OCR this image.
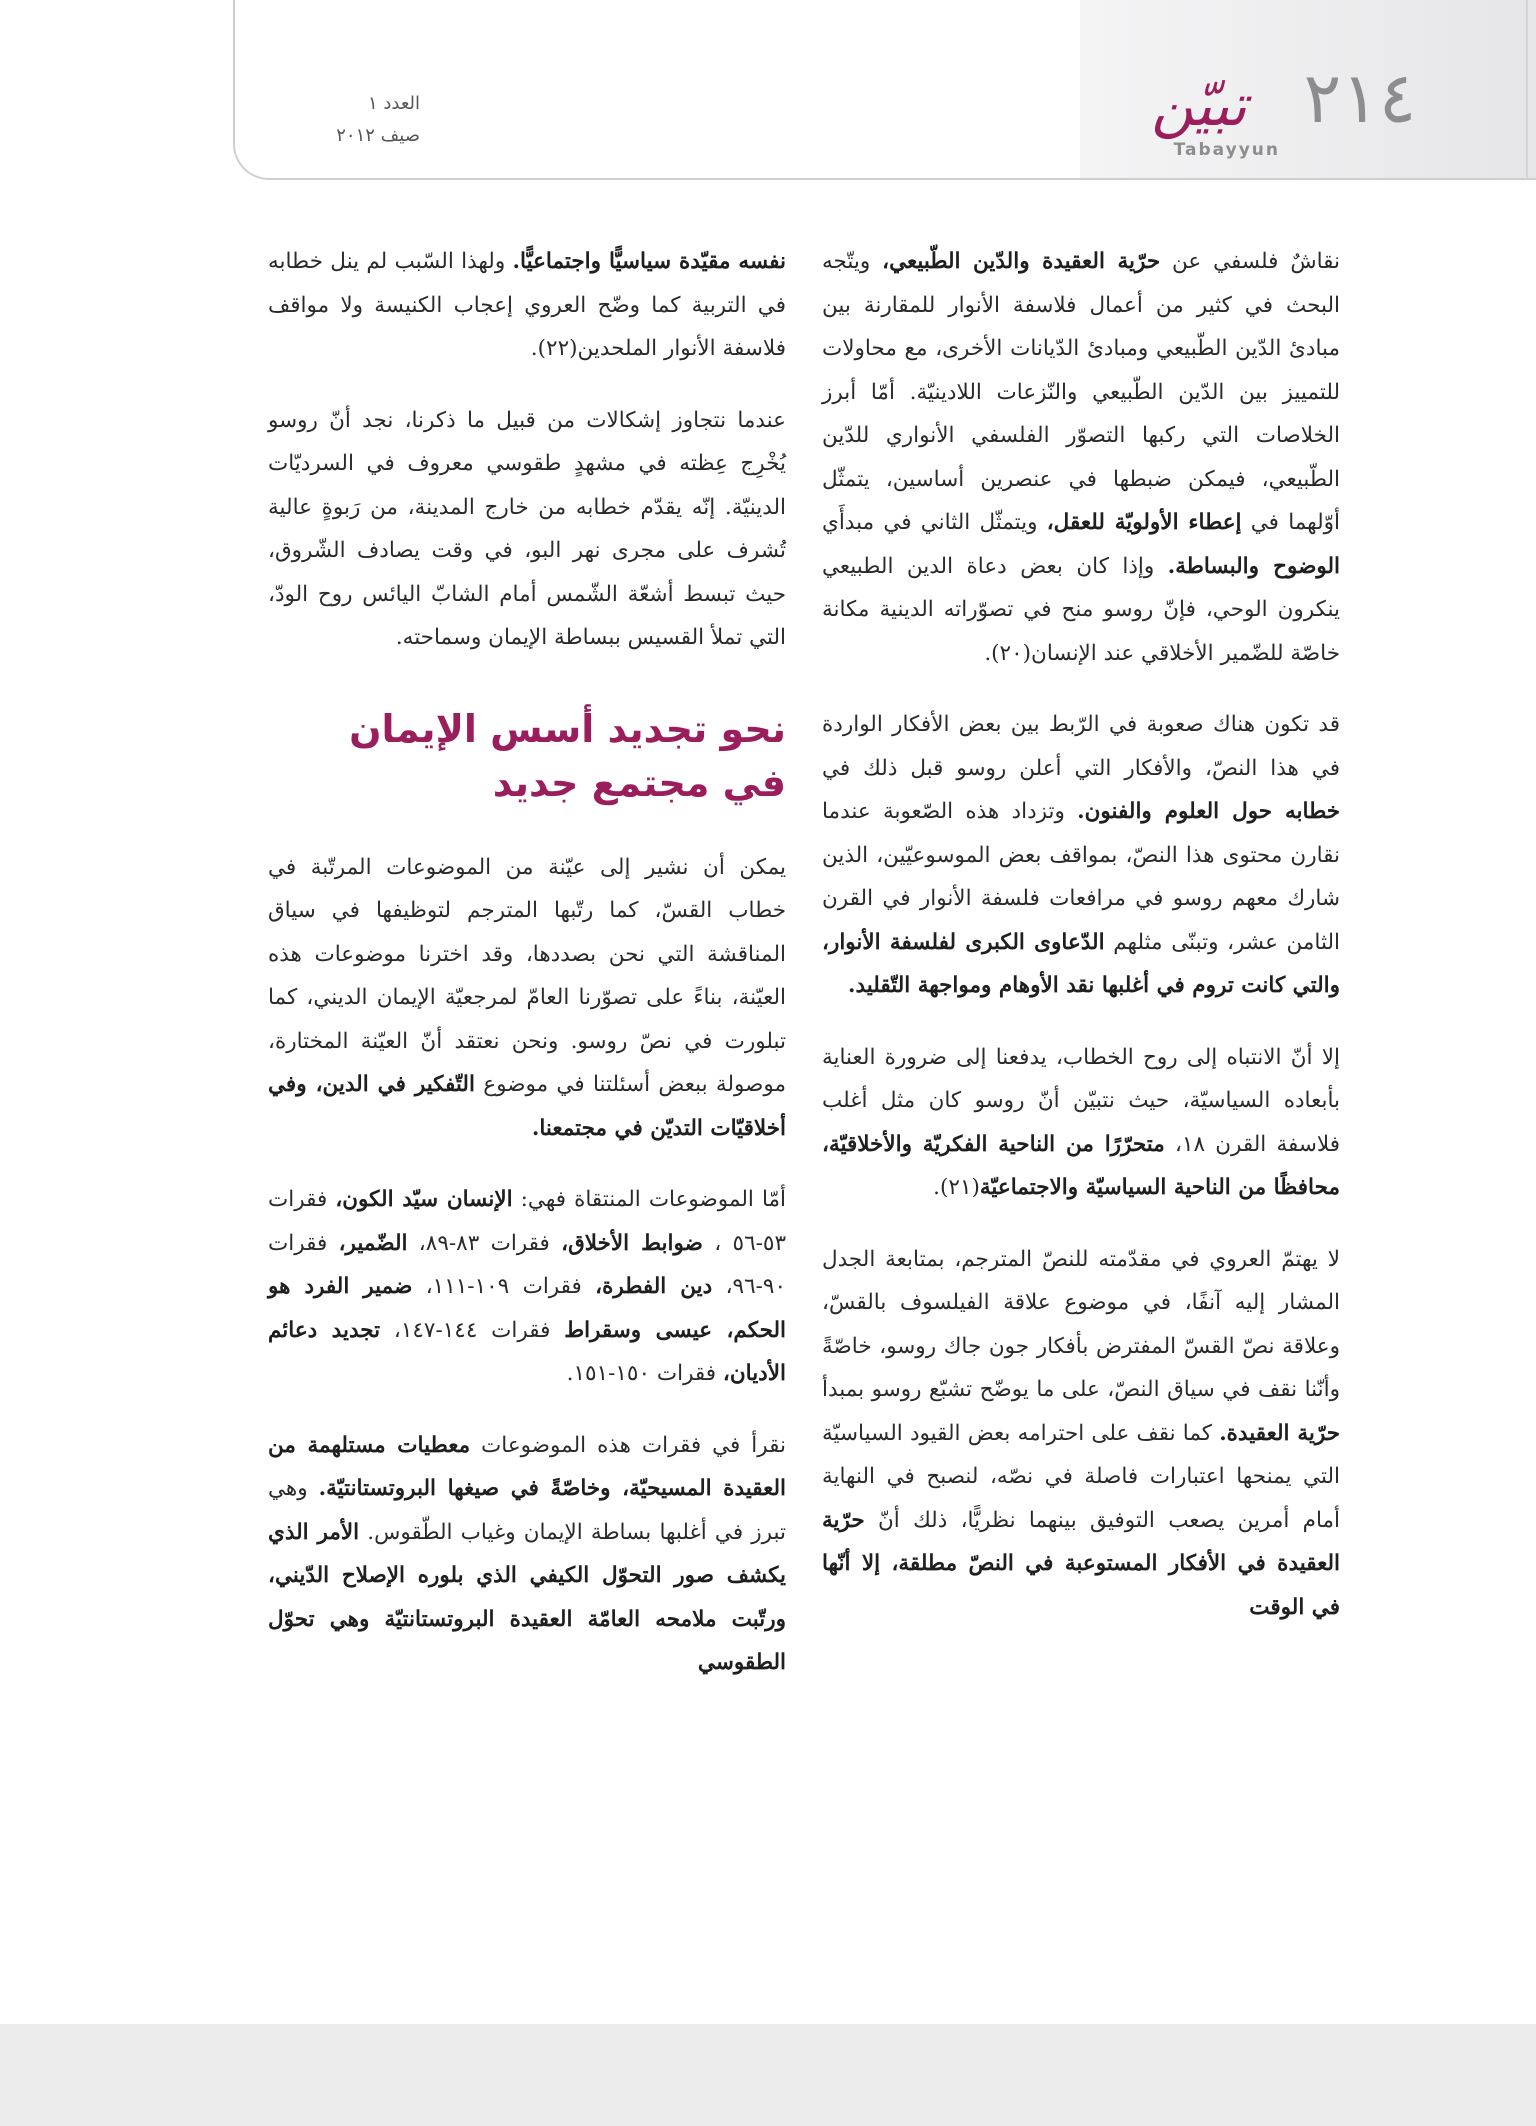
٢١٤
تبيّن
Tabayyun
العدد ١
صيف ٢٠١٢

نقاشٌ فلسفي عن حرّية العقيدة والدّين الطّبيعي، ويتّجه البحث في كثير من أعمال فلاسفة الأنوار للمقارنة بين مبادئ الدّين الطّبيعي ومبادئ الدّيانات الأخرى، مع محاولات للتمييز بين الدّين الطّبيعي والنّزعات اللادينيّة. أمّا أبرز الخلاصات التي ركبها التصوّر الفلسفي الأنواري للدّين الطّبيعي، فيمكن ضبطها في عنصرين أساسين، يتمثّل أوّلهما في إعطاء الأولويّة للعقل، ويتمثّل الثاني في مبدأَي الوضوح والبساطة. وإذا كان بعض دعاة الدين الطبيعي ينكرون الوحي، فإنّ روسو منح في تصوّراته الدينية مكانة خاصّة للضّمير الأخلاقي عند الإنسان(٢٠).

قد تكون هناك صعوبة في الرّبط بين بعض الأفكار الواردة في هذا النصّ، والأفكار التي أعلن روسو قبل ذلك في خطابه حول العلوم والفنون. وتزداد هذه الصّعوبة عندما نقارن محتوى هذا النصّ، بمواقف بعض الموسوعيّين، الذين شارك معهم روسو في مرافعات فلسفة الأنوار في القرن الثامن عشر، وتبنّى مثلهم الدّعاوى الكبرى لفلسفة الأنوار، والتي كانت تروم في أغلبها نقد الأوهام ومواجهة التّقليد.

إلا أنّ الانتباه إلى روح الخطاب، يدفعنا إلى ضرورة العناية بأبعاده السياسيّة، حيث نتبيّن أنّ روسو كان مثل أغلب فلاسفة القرن ١٨، متحرّرًا من الناحية الفكريّة والأخلاقيّة، محافظًا من الناحية السياسيّة والاجتماعيّة(٢١).

لا يهتمّ العروي في مقدّمته للنصّ المترجم، بمتابعة الجدل المشار إليه آنفًا، في موضوع علاقة الفيلسوف بالقسّ، وعلاقة نصّ القسّ المفترض بأفكار جون جاك روسو، خاصّةً وأنّنا نقف في سياق النصّ، على ما يوضّح تشبّع روسو بمبدأ حرّية العقيدة. كما نقف على احترامه بعض القيود السياسيّة التي يمنحها اعتبارات فاصلة في نصّه، لنصبح في النهاية أمام أمرين يصعب التوفيق بينهما نظريًّا، ذلك أنّ حرّية العقيدة في الأفكار المستوعبة في النصّ مطلقة، إلا أنّها في الوقت

نفسه مقيّدة سياسيًّا واجتماعيًّا. ولهذا السّبب لم ينل خطابه في التربية كما وضّح العروي إعجاب الكنيسة ولا مواقف فلاسفة الأنوار الملحدين(٢٢).

عندما نتجاوز إشكالات من قبيل ما ذكرنا، نجد أنّ روسو يُخْرِج عِظته في مشهدٍ طقوسي معروف في السرديّات الدينيّة. إنّه يقدّم خطابه من خارج المدينة، من رَبوةٍ عالية تُشرف على مجرى نهر البو، في وقت يصادف الشّروق، حيث تبسط أشعّة الشّمس أمام الشابّ اليائس روح الودّ، التي تملأ القسيس ببساطة الإيمان وسماحته.

نحو تجديد أسس الإيمان
في مجتمع جديد

يمكن أن نشير إلى عيّنة من الموضوعات المرتّبة في خطاب القسّ، كما رتّبها المترجم لتوظيفها في سياق المناقشة التي نحن بصددها، وقد اخترنا موضوعات هذه العيّنة، بناءً على تصوّرنا العامّ لمرجعيّة الإيمان الديني، كما تبلورت في نصّ روسو. ونحن نعتقد أنّ العيّنة المختارة، موصولة ببعض أسئلتنا في موضوع التّفكير في الدين، وفي أخلاقيّات التديّن في مجتمعنا.

أمّا الموضوعات المنتقاة فهي: الإنسان سيّد الكون، فقرات ٥٣-٥٦ ، ضوابط الأخلاق، فقرات ٨٣-٨٩، الضّمير، فقرات ٩٠-٩٦، دين الفطرة، فقرات ١٠٩-١١١، ضمير الفرد هو الحكم، عيسى وسقراط فقرات ١٤٤-١٤٧، تجديد دعائم الأديان، فقرات ١٥٠-١٥١.

نقرأ في فقرات هذه الموضوعات معطيات مستلهمة من العقيدة المسيحيّة، وخاصّةً في صيغها البروتستانتيّة. وهي تبرز في أغلبها بساطة الإيمان وغياب الطّقوس. الأمر الذي يكشف صور التحوّل الكيفي الذي بلوره الإصلاح الدّيني، ورتّبت ملامحه العامّة العقيدة البروتستانتيّة وهي تحوّل الطقوسي
